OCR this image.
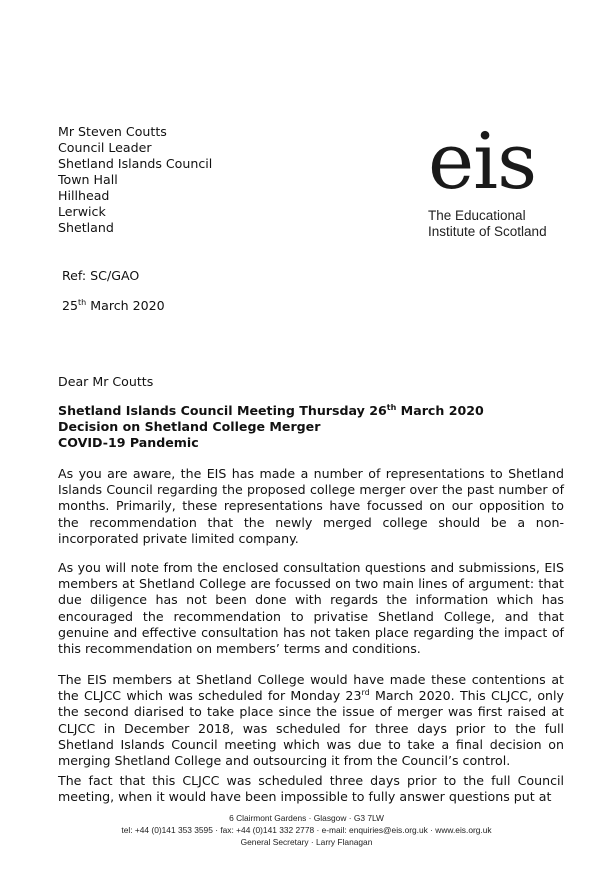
Mr Steven Coutts
Council Leader
Shetland Islands Council
Town Hall
Hillhead
Lerwick
Shetland
eis
The Educational
Institute of Scotland
Ref: SC/GAO
25th March 2020
Dear Mr Coutts
Shetland Islands Council Meeting Thursday 26th March 2020
Decision on Shetland College Merger
COVID-19 Pandemic
As you are aware, the EIS has made a number of representations to Shetland Islands Council regarding the proposed college merger over the past number of months. Primarily, these representations have focussed on our opposition to the recommendation that the newly merged college should be a non-incorporated private limited company.
As you will note from the enclosed consultation questions and submissions, EIS members at Shetland College are focussed on two main lines of argument: that due diligence has not been done with regards the information which has encouraged the recommendation to privatise Shetland College, and that genuine and effective consultation has not taken place regarding the impact of this recommendation on members’ terms and conditions.
The EIS members at Shetland College would have made these contentions at the CLJCC which was scheduled for Monday 23rd March 2020. This CLJCC, only the second diarised to take place since the issue of merger was first raised at CLJCC in December 2018, was scheduled for three days prior to the full Shetland Islands Council meeting which was due to take a final decision on merging Shetland College and outsourcing it from the Council’s control.
The fact that this CLJCC was scheduled three days prior to the full Council meeting, when it would have been impossible to fully answer questions put at
6 Clairmont Gardens · Glasgow · G3 7LW
tel: +44 (0)141 353 3595 · fax: +44 (0)141 332 2778 · e-mail: enquiries@eis.org.uk · www.eis.org.uk
General Secretary · Larry Flanagan
